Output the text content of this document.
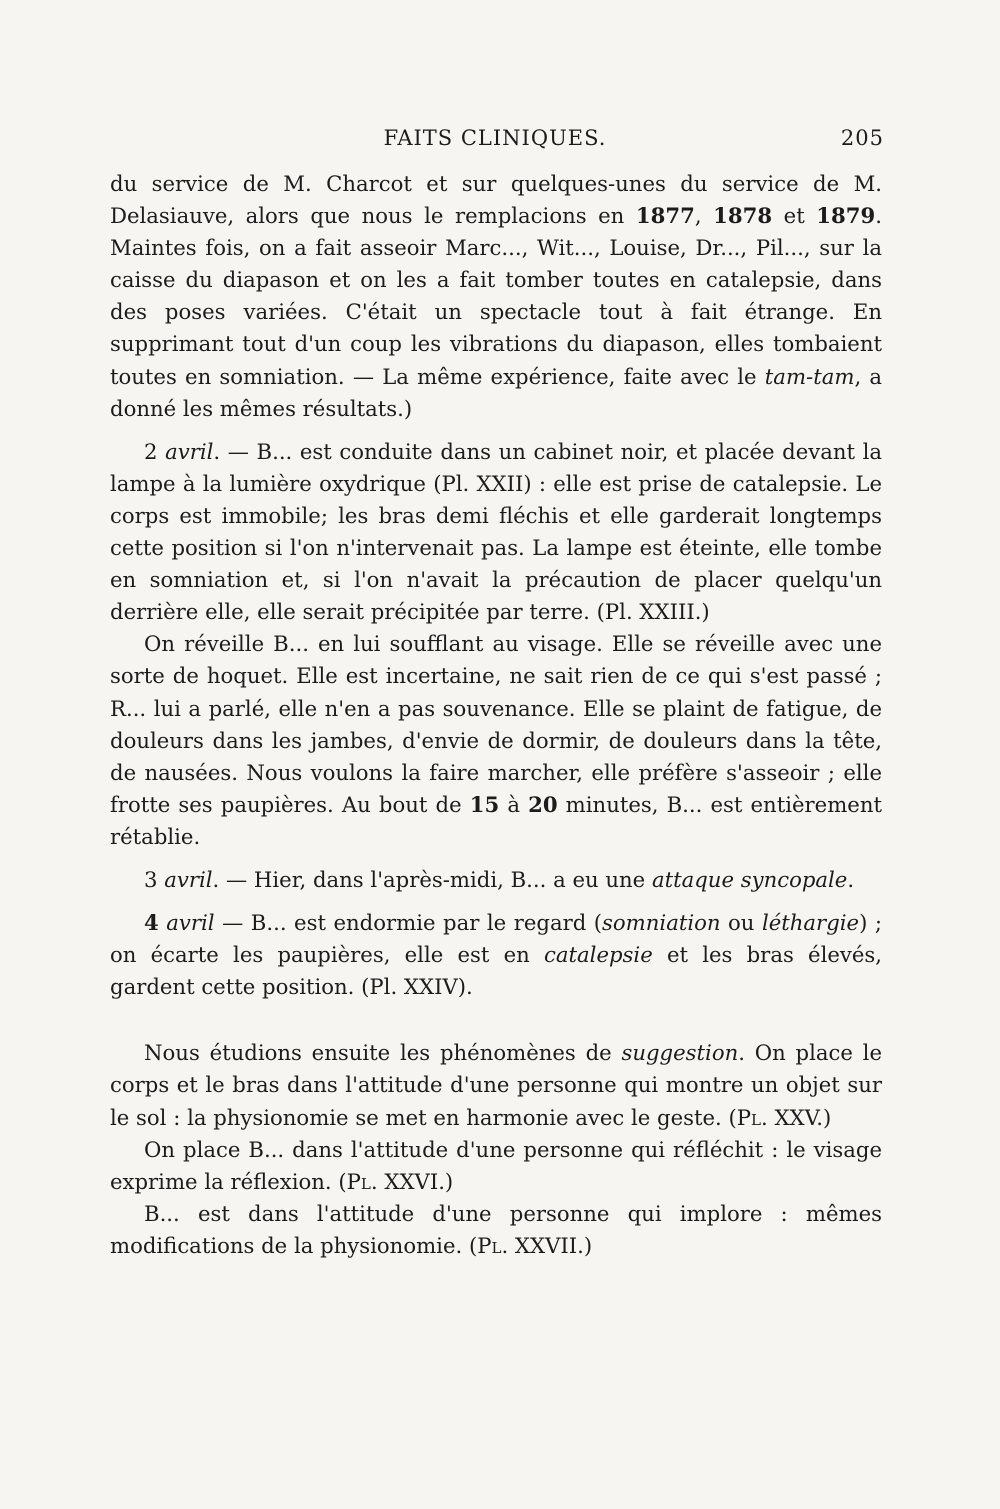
FAITS CLINIQUES.	205

du service de M. Charcot et sur quelques-unes du service de M. Delasiauve, alors que nous le remplacions en 1877, 1878 et 1879. Maintes fois, on a fait asseoir Marc..., Wit..., Louise, Dr..., Pil..., sur la caisse du diapason et on les a fait tomber toutes en catalepsie, dans des poses variées. C'était un spectacle tout à fait étrange. En supprimant tout d'un coup les vibrations du diapason, elles tombaient toutes en somniation. — La même expérience, faite avec le tam-tam, a donné les mêmes résultats.)

2 avril. — B... est conduite dans un cabinet noir, et placée devant la lampe à la lumière oxydrique (Pl. XXII) : elle est prise de catalepsie. Le corps est immobile; les bras demi fléchis et elle garderait longtemps cette position si l'on n'intervenait pas. La lampe est éteinte, elle tombe en somniation et, si l'on n'avait la précaution de placer quelqu'un derrière elle, elle serait précipitée par terre. (Pl. XXIII.)

On réveille B... en lui soufflant au visage. Elle se réveille avec une sorte de hoquet. Elle est incertaine, ne sait rien de ce qui s'est passé ; R... lui a parlé, elle n'en a pas souvenance. Elle se plaint de fatigue, de douleurs dans les jambes, d'envie de dormir, de douleurs dans la tête, de nausées. Nous voulons la faire marcher, elle préfère s'asseoir ; elle frotte ses paupières. Au bout de 15 à 20 minutes, B... est entièrement rétablie.

3 avril. — Hier, dans l'après-midi, B... a eu une attaque syncopale.

4 avril — B... est endormie par le regard (somniation ou léthargie) ; on écarte les paupières, elle est en catalepsie et les bras élevés, gardent cette position. (Pl. XXIV).

Nous étudions ensuite les phénomènes de suggestion. On place le corps et le bras dans l'attitude d'une personne qui montre un objet sur le sol : la physionomie se met en harmonie avec le geste. (Pl. XXV.)

On place B... dans l'attitude d'une personne qui réfléchit : le visage exprime la réflexion. (Pl. XXVI.)

B... est dans l'attitude d'une personne qui implore : mêmes modifications de la physionomie. (Pl. XXVII.)
